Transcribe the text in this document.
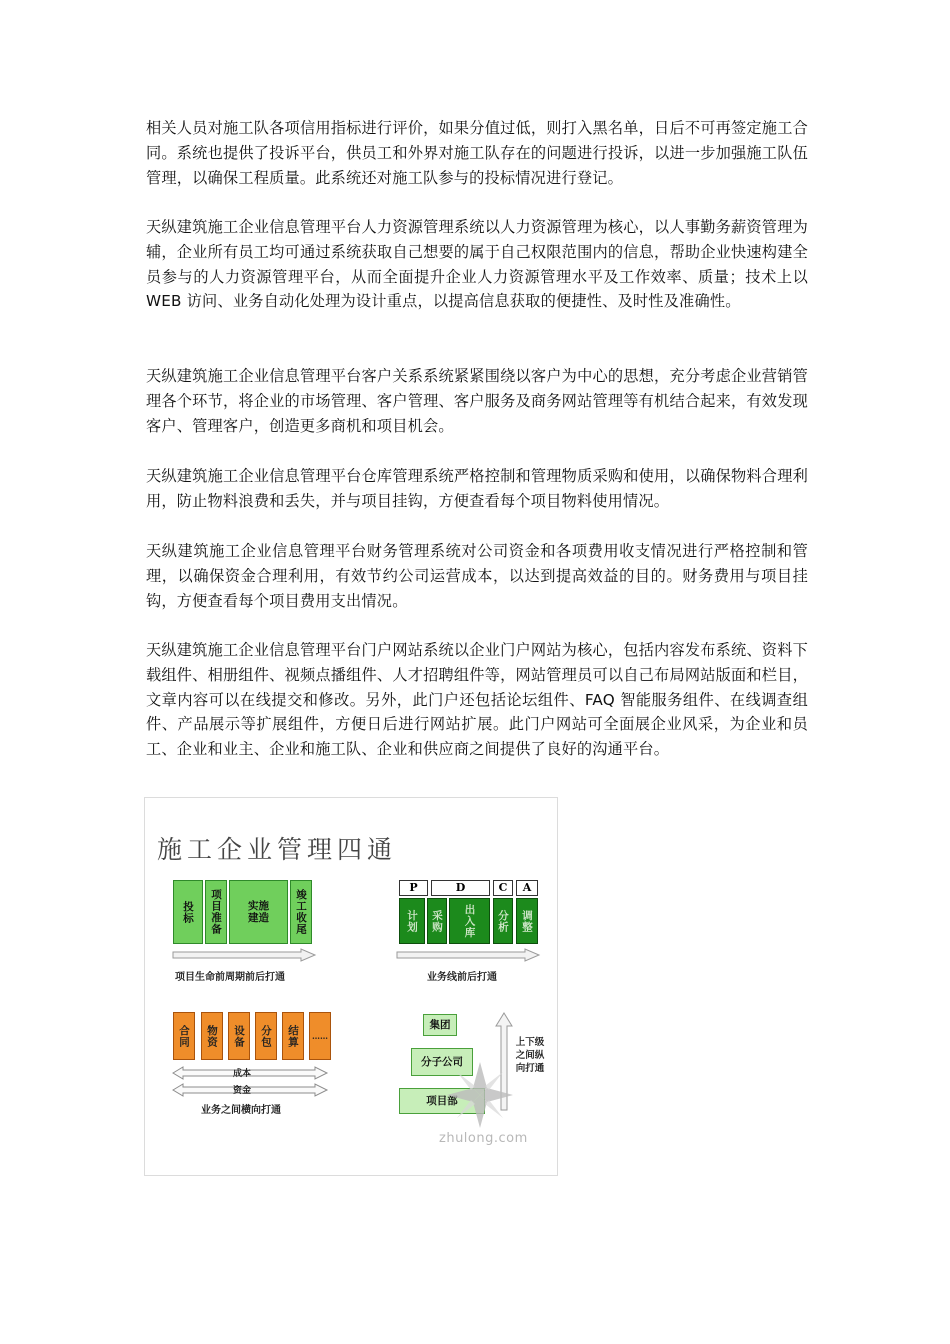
相关人员对施工队各项信用指标进行评价，如果分值过低，则打入黑名单，日后不可再签定施工合同。系统也提供了投诉平台，供员工和外界对施工队存在的问题进行投诉，以进一步加强施工队伍管理，以确保工程质量。此系统还对施工队参与的投标情况进行登记。

天纵建筑施工企业信息管理平台人力资源管理系统以人力资源管理为核心，以人事勤务薪资管理为辅，企业所有员工均可通过系统获取自己想要的属于自己权限范围内的信息，帮助企业快速构建全员参与的人力资源管理平台，从而全面提升企业人力资源管理水平及工作效率、质量；技术上以 WEB 访问、业务自动化处理为设计重点，以提高信息获取的便捷性、及时性及准确性。

天纵建筑施工企业信息管理平台客户关系系统紧紧围绕以客户为中心的思想，充分考虑企业营销管理各个环节，将企业的市场管理、客户管理、客户服务及商务网站管理等有机结合起来，有效发现客户、管理客户，创造更多商机和项目机会。

天纵建筑施工企业信息管理平台仓库管理系统严格控制和管理物质采购和使用，以确保物料合理利用，防止物料浪费和丢失，并与项目挂钩，方便查看每个项目物料使用情况。

天纵建筑施工企业信息管理平台财务管理系统对公司资金和各项费用收支情况进行严格控制和管理，以确保资金合理利用，有效节约公司运营成本，以达到提高效益的目的。财务费用与项目挂钩，方便查看每个项目费用支出情况。

天纵建筑施工企业信息管理平台门户网站系统以企业门户网站为核心，包括内容发布系统、资料下载组件、相册组件、视频点播组件、人才招聘组件等，网站管理员可以自己布局网站版面和栏目，文章内容可以在线提交和修改。另外，此门户还包括论坛组件、FAQ 智能服务组件、在线调查组件、产品展示等扩展组件，方便日后进行网站扩展。此门户网站可全面展企业风采，为企业和员工、企业和业主、企业和施工队、企业和供应商之间提供了良好的沟通平台。

施工企业管理四通
投标	项目准备	实施建造	竣工收尾
项目生命前周期前后打通
P	D	C	A
计划	采购	出入库	分析	调整
业务线前后打通
合同	物资	设备	分包	结算	……
成本
资金
业务之间横向打通
集团
分子公司
项目部
上下级之间纵向打通
zhulong.com
